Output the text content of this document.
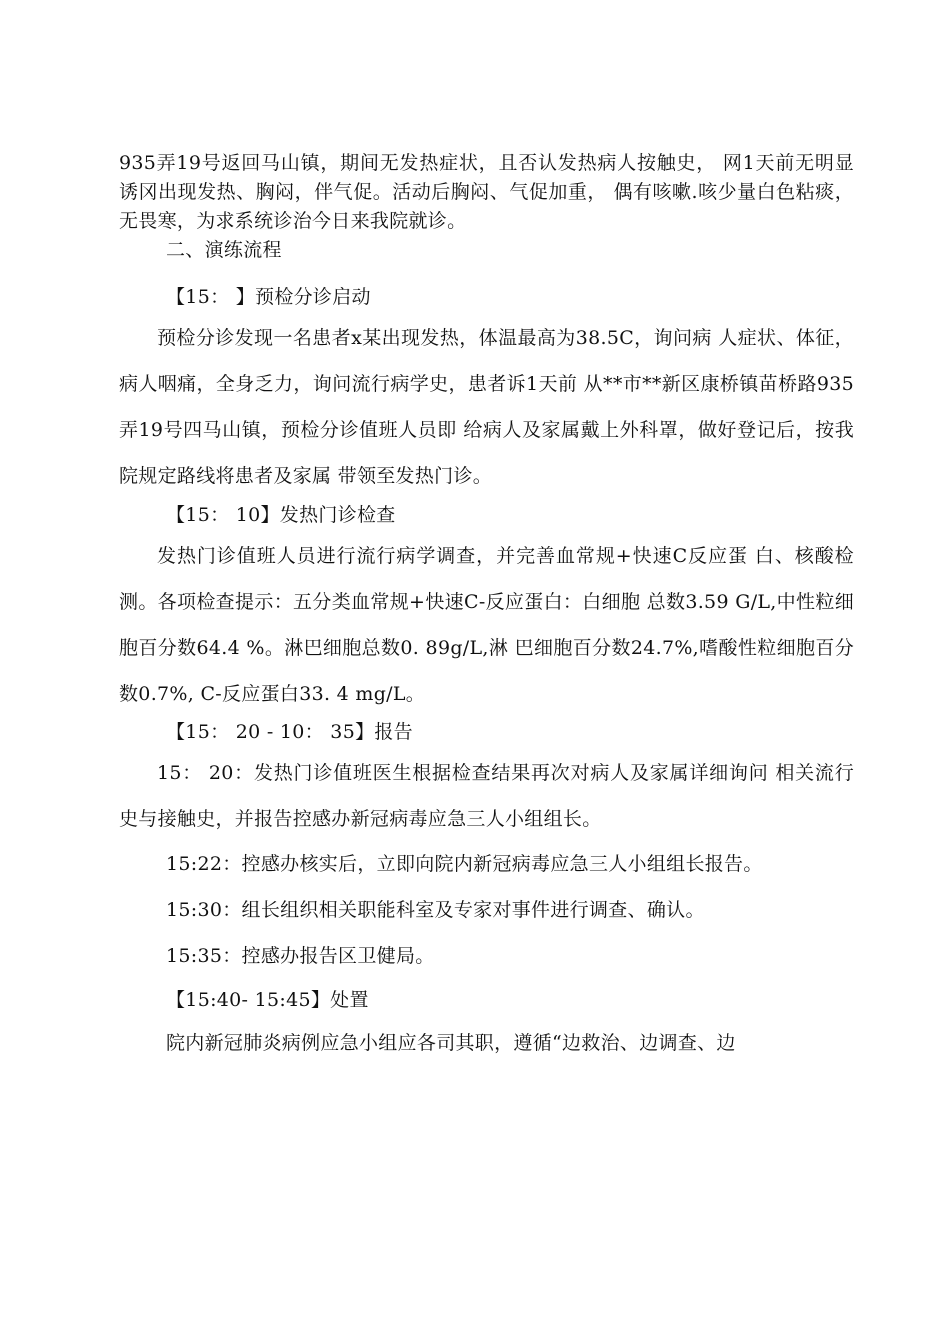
935弄19号返回马山镇，期间无发热症状，且否认发热病人按触史， 网1天前无明显诱冈出现发热、胸闷，伴气促。活动后胸闷、气促加重， 偶有咳嗽.咳少量白色粘痰，无畏寒，为求系统诊治今日来我院就诊。

二、演练流程

【15： 】预检分诊启动

预检分诊发现一名患者x某出现发热，体温最高为38.5C，询问病 人症状、体征，病人咽痛，全身乏力，询问流行病学史，患者诉1天前 从**市**新区康桥镇苗桥路935弄19号四马山镇，预检分诊值班人员即 给病人及家属戴上外科罩，做好登记后，按我院规定路线将患者及家属 带领至发热门诊。

【15： 10】发热门诊检查

发热门诊值班人员进行流行病学调查，并完善血常规+快速C反应蛋 白、核酸检测。各项检查提示：五分类血常规+快速C-反应蛋白：白细胞 总数3.59 G/L,中性粒细胞百分数64.4 %。淋巴细胞总数0. 89g/L,淋 巴细胞百分数24.7%,嗜酸性粒细胞百分数0.7%, C-反应蛋白33. 4 mg/L。

【15： 20 - 10： 35】报告

15： 20：发热门诊值班医生根据检查结果再次对病人及家属详细询问 相关流行史与接触史，并报告控感办新冠病毒应急三人小组组长。

15:22：控感办核实后，立即向院内新冠病毒应急三人小组组长报告。

15:30：组长组织相关职能科室及专家对事件进行调查、确认。

15:35：控感办报告区卫健局。

【15:40- 15:45】处置

院内新冠肺炎病例应急小组应各司其职，遵循“边救治、边调查、边
